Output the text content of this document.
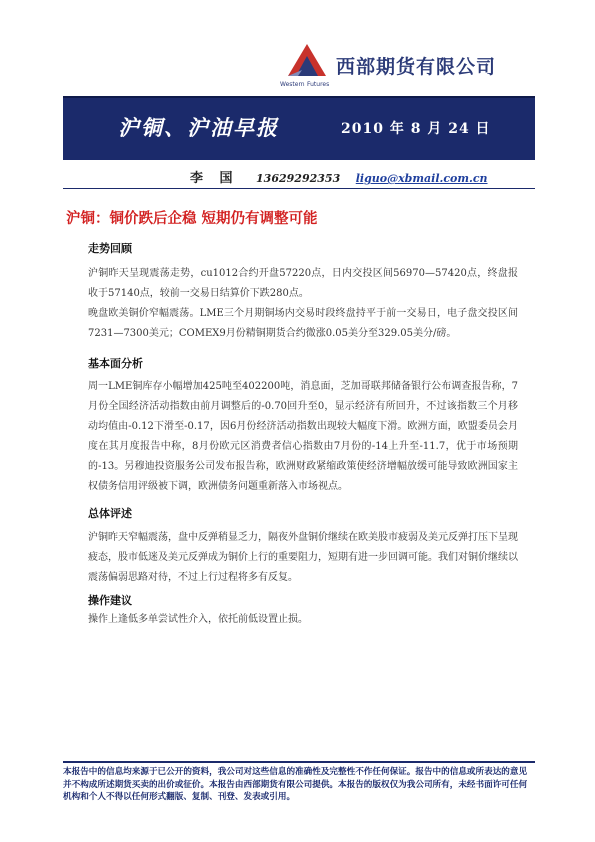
Western Futures
西部期货有限公司
沪铜、沪油早报	2010 年 8 月 24 日
李 国 13629292353 liguo@xbmail.com.cn
沪铜：铜价跌后企稳 短期仍有调整可能
走势回顾
沪铜昨天呈现震荡走势，cu1012合约开盘57220点，日内交投区间56970—57420点，终盘报收于57140点，较前一交易日结算价下跌280点。
晚盘欧美铜价窄幅震荡。LME三个月期铜场内交易时段终盘持平于前一交易日，电子盘交投区间7231—7300美元；COMEX9月份精铜期货合约微涨0.05美分至329.05美分/磅。
基本面分析
周一LME铜库存小幅增加425吨至402200吨，消息面，芝加哥联邦储备银行公布调查报告称，7月份全国经济活动指数由前月调整后的-0.70回升至0，显示经济有所回升，不过该指数三个月移动均值由-0.12下滑至-0.17，因6月份经济活动指数出现较大幅度下滑。欧洲方面，欧盟委员会月度在其月度报告中称，8月份欧元区消费者信心指数由7月份的-14上升至-11.7，优于市场预期的-13。另穆迪投资服务公司发布报告称，欧洲财政紧缩政策使经济增幅放缓可能导致欧洲国家主权债务信用评级被下调，欧洲债务问题重新落入市场视点。
总体评述
沪铜昨天窄幅震荡，盘中反弹稍显乏力，隔夜外盘铜价继续在欧美股市疲弱及美元反弹打压下呈现疲态，股市低迷及美元反弹成为铜价上行的重要阻力，短期有进一步回调可能。我们对铜价继续以震荡偏弱思路对待，不过上行过程将多有反复。
操作建议
操作上逢低多单尝试性介入，依托前低设置止损。
本报告中的信息均来源于已公开的资料，我公司对这些信息的准确性及完整性不作任何保证。报告中的信息或所表达的意见并不构成所述期货买卖的出价或征价。本报告由西部期货有限公司提供。本报告的版权仅为我公司所有，未经书面许可任何机构和个人不得以任何形式翻版、复制、刊登、发表或引用。
